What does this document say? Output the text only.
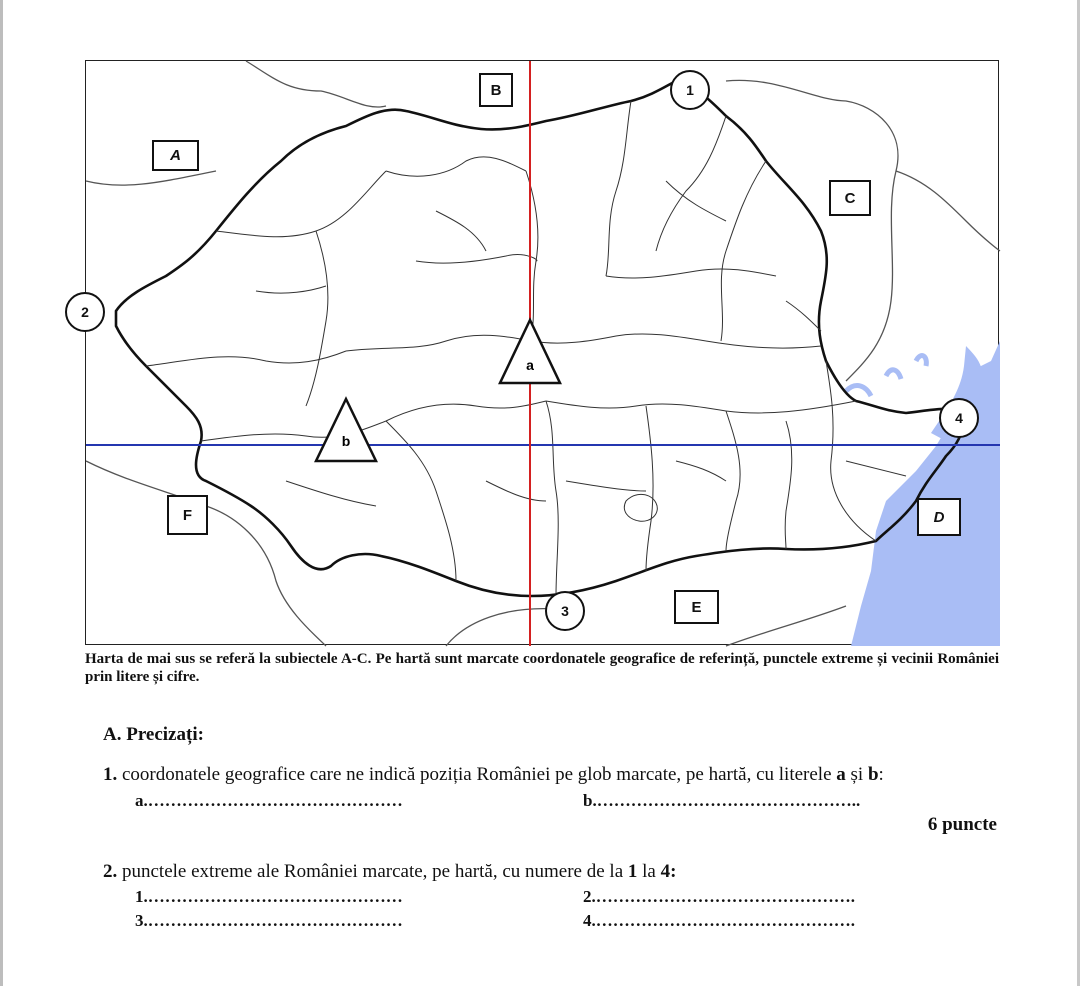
a
b
A
B
C
D
E
F
1
2
3
4
Harta de mai sus se referă la subiectele A-C. Pe hartă sunt marcate coordonatele geografice de referință, punctele extreme și vecinii României prin litere și cifre.
A. Precizați:
1. coordonatele geografice care ne indică poziția României pe glob marcate, pe hartă, cu literele a și b:
a.………………………………………	b.………………………………………..
6 puncte
2. punctele extreme ale României marcate, pe hartă, cu numere de la 1 la 4:
1.………………………………………	2.……………………………………….
3.………………………………………	4.……………………………………….
